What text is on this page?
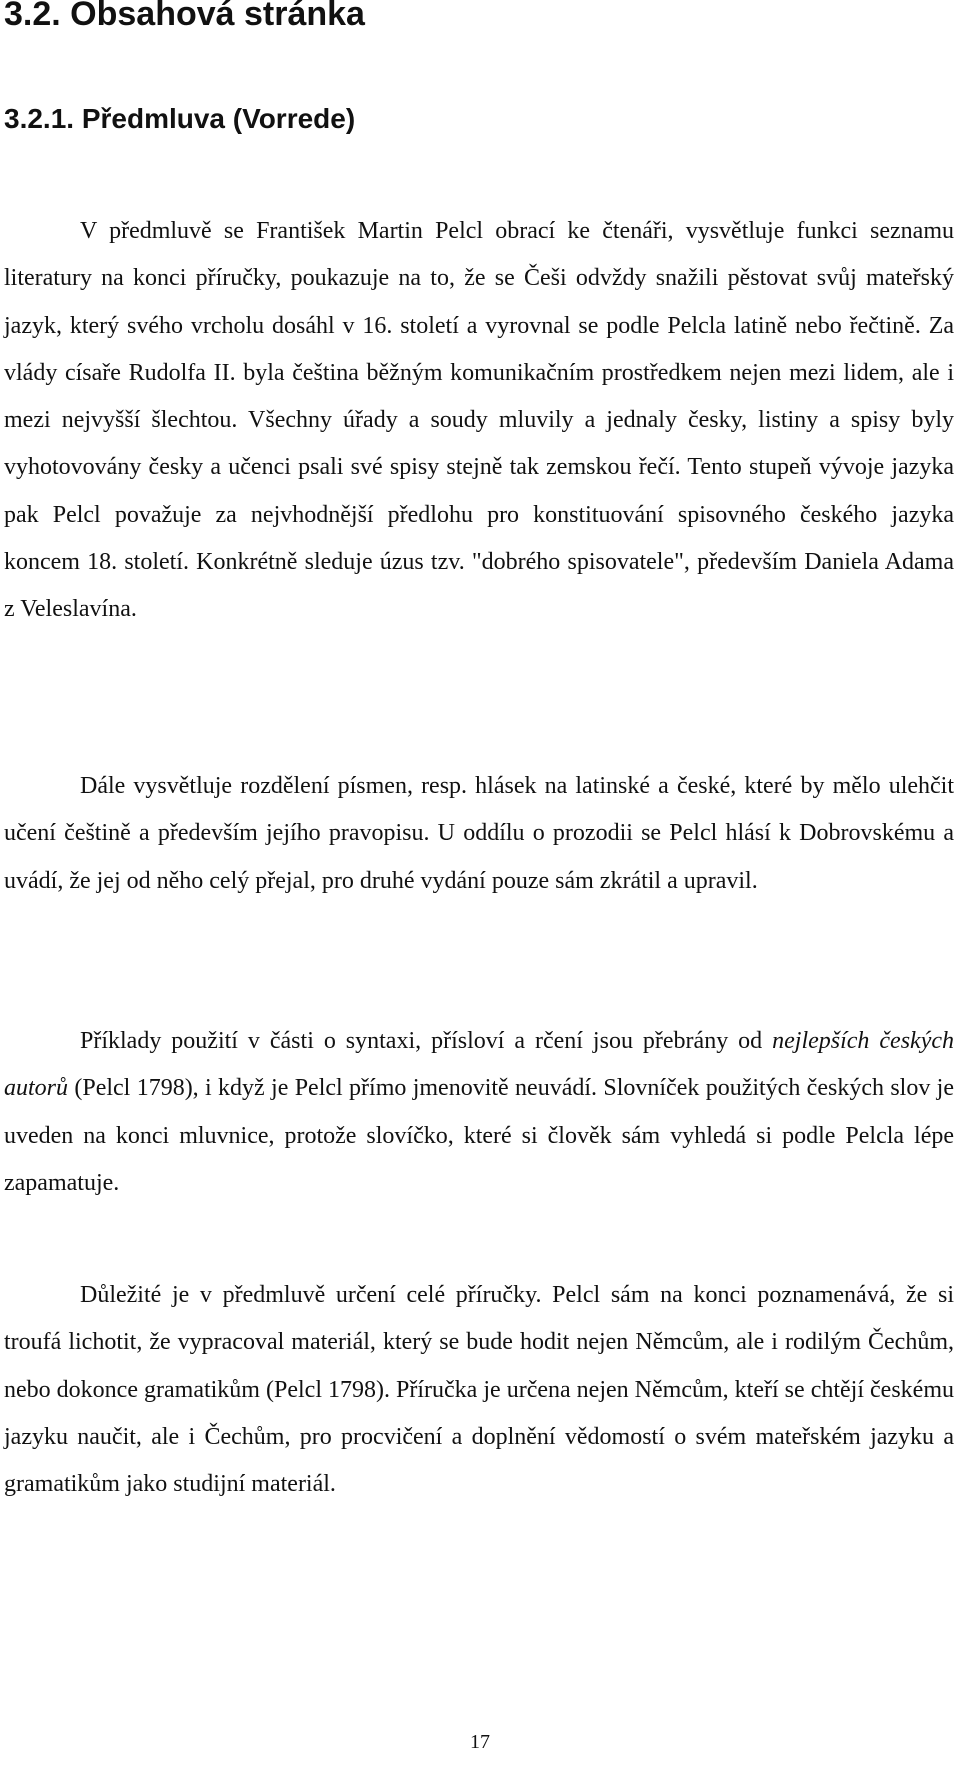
3.2. Obsahová stránka
3.2.1. Předmluva (Vorrede)

V předmluvě se František Martin Pelcl obrací ke čtenáři, vysvětluje funkci seznamu literatury na konci příručky, poukazuje na to, že se Češi odvždy snažili pěstovat svůj mateřský jazyk, který svého vrcholu dosáhl v 16. století a vyrovnal se podle Pelcla latině nebo řečtině. Za vlády císaře Rudolfa II. byla čeština běžným komunikačním prostředkem nejen mezi lidem, ale i mezi nejvyšší šlechtou. Všechny úřady a soudy mluvily a jednaly česky, listiny a spisy byly vyhotovovány česky a učenci psali své spisy stejně tak zemskou řečí. Tento stupeň vývoje jazyka pak Pelcl považuje za nejvhodnější předlohu pro konstituování spisovného českého jazyka koncem 18. století. Konkrétně sleduje úzus tzv. "dobrého spisovatele", především Daniela Adama z Veleslavína.

Dále vysvětluje rozdělení písmen, resp. hlásek na latinské a české, které by mělo ulehčit učení češtině a především jejího pravopisu. U oddílu o prozodii se Pelcl hlásí k Dobrovskému a uvádí, že jej od něho celý přejal, pro druhé vydání pouze sám zkrátil a upravil.

Příklady použití v části o syntaxi, přísloví a rčení jsou přebrány od nejlepších českých autorů (Pelcl 1798), i když je Pelcl přímo jmenovitě neuvádí. Slovníček použitých českých slov je uveden na konci mluvnice, protože slovíčko, které si člověk sám vyhledá si podle Pelcla lépe zapamatuje.

Důležité je v předmluvě určení celé příručky. Pelcl sám na konci poznamenává, že si troufá lichotit, že vypracoval materiál, který se bude hodit nejen Němcům, ale i rodilým Čechům, nebo dokonce gramatikům (Pelcl 1798). Příručka je určena nejen Němcům, kteří se chtějí českému jazyku naučit, ale i Čechům, pro procvičení a doplnění vědomostí o svém mateřském jazyku a gramatikům jako studijní materiál.

17
